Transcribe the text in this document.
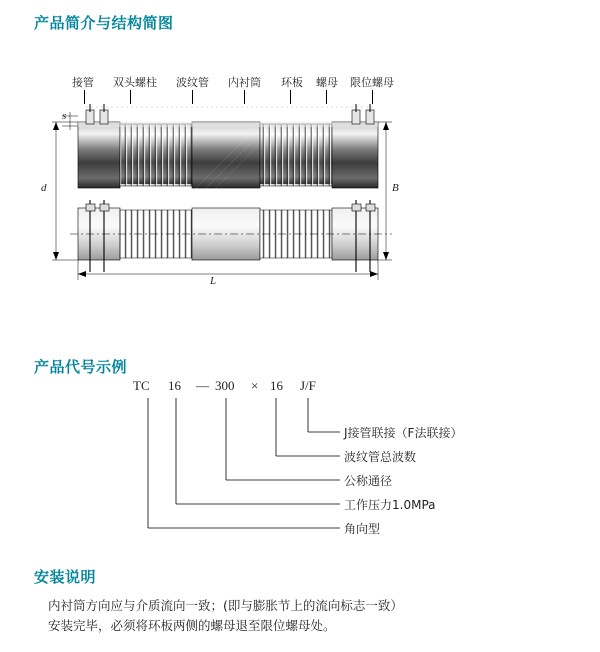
产品简介与结构简图
产品代号示例
安装说明
接管 双头螺柱 波纹管 内衬筒 环板 螺母 限位螺母
s
d	B
L
TC 16 — 300 × 16 J/F
J接管联接（F法联接）
波纹管总波数
公称通径
工作压力1.0MPa
角向型
内衬筒方向应与介质流向一致；(即与膨胀节上的流向标志一致）
安装完毕，必须将环板两侧的螺母退至限位螺母处。
